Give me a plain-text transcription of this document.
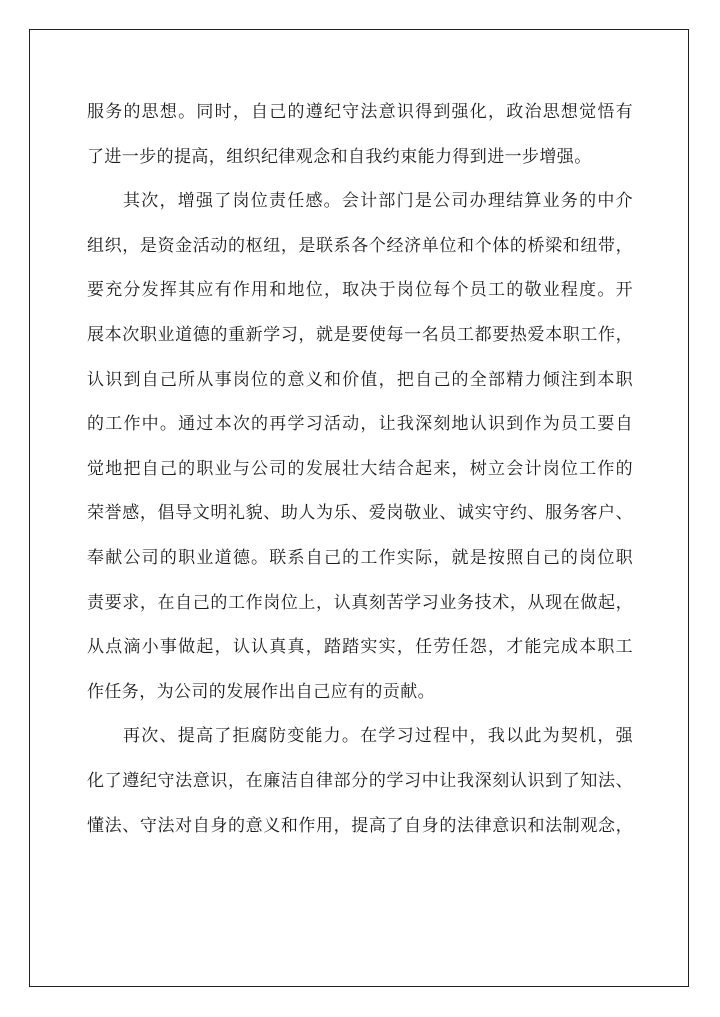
服务的思想。同时，自己的遵纪守法意识得到强化，政治思想觉悟有
了进一步的提高，组织纪律观念和自我约束能力得到进一步增强。
其次，增强了岗位责任感。会计部门是公司办理结算业务的中介
组织，是资金活动的枢纽，是联系各个经济单位和个体的桥梁和纽带，
要充分发挥其应有作用和地位，取决于岗位每个员工的敬业程度。开
展本次职业道德的重新学习，就是要使每一名员工都要热爱本职工作，
认识到自己所从事岗位的意义和价值，把自己的全部精力倾注到本职
的工作中。通过本次的再学习活动，让我深刻地认识到作为员工要自
觉地把自己的职业与公司的发展壮大结合起来，树立会计岗位工作的
荣誉感，倡导文明礼貌、助人为乐、爱岗敬业、诚实守约、服务客户、
奉献公司的职业道德。联系自己的工作实际，就是按照自己的岗位职
责要求，在自己的工作岗位上，认真刻苦学习业务技术，从现在做起，
从点滴小事做起，认认真真，踏踏实实，任劳任怨，才能完成本职工
作任务，为公司的发展作出自己应有的贡献。
再次、提高了拒腐防变能力。在学习过程中，我以此为契机，强
化了遵纪守法意识，在廉洁自律部分的学习中让我深刻认识到了知法、
懂法、守法对自身的意义和作用，提高了自身的法律意识和法制观念，
